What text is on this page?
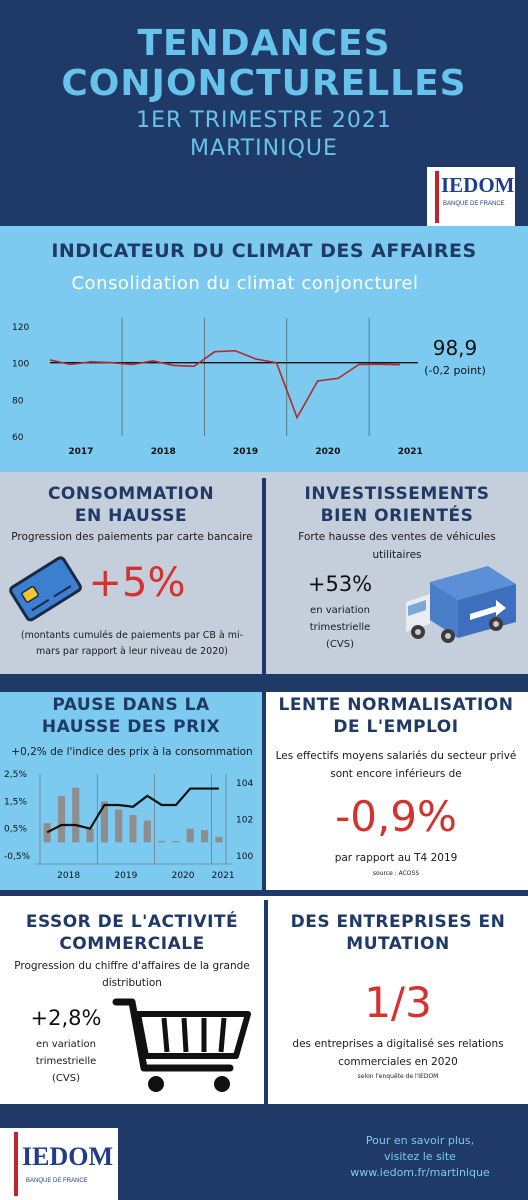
TENDANCES
CONJONCTURELLES
1ER TRIMESTRE 2021
MARTINIQUE
IEDOM
BANQUE DE FRANCE
INDICATEUR DU CLIMAT DES AFFAIRES
Consolidation du climat conjoncturel
60
80
100
120
2017	2018	2019	2020	2021
98,9
(-0,2 point)
CONSOMMATION
EN HAUSSE
Progression des paiements par carte bancaire
+5%
(montants cumulés de paiements par CB à mi-
mars par rapport à leur niveau de 2020)
INVESTISSEMENTS
BIEN ORIENTÉS
Forte hausse des ventes de véhicules
utilitaires
+53%
en variation
trimestrielle
(CVS)
PAUSE DANS LA
HAUSSE DES PRIX
+0,2% de l'indice des prix à la consommation
2,5%
1,5%
0,5%
-0,5%
104
102
100
2018	2019	2020 2021
LENTE NORMALISATION
DE L'EMPLOI
Les effectifs moyens salariés du secteur privé
sont encore inférieurs de
-0,9%
par rapport au T4 2019
source : ACOSS
ESSOR DE L'ACTIVITÉ
COMMERCIALE
Progression du chiffre d'affaires de la grande
distribution
+2,8%
en variation
trimestrielle
(CVS)
DES ENTREPRISES EN
MUTATION
1/3
des entreprises a digitalisé ses relations
commerciales en 2020
selon l'enquête de l'IEDOM
IEDOM
BANQUE DE FRANCE
Pour en savoir plus,
visitez le site
www.iedom.fr/martinique
